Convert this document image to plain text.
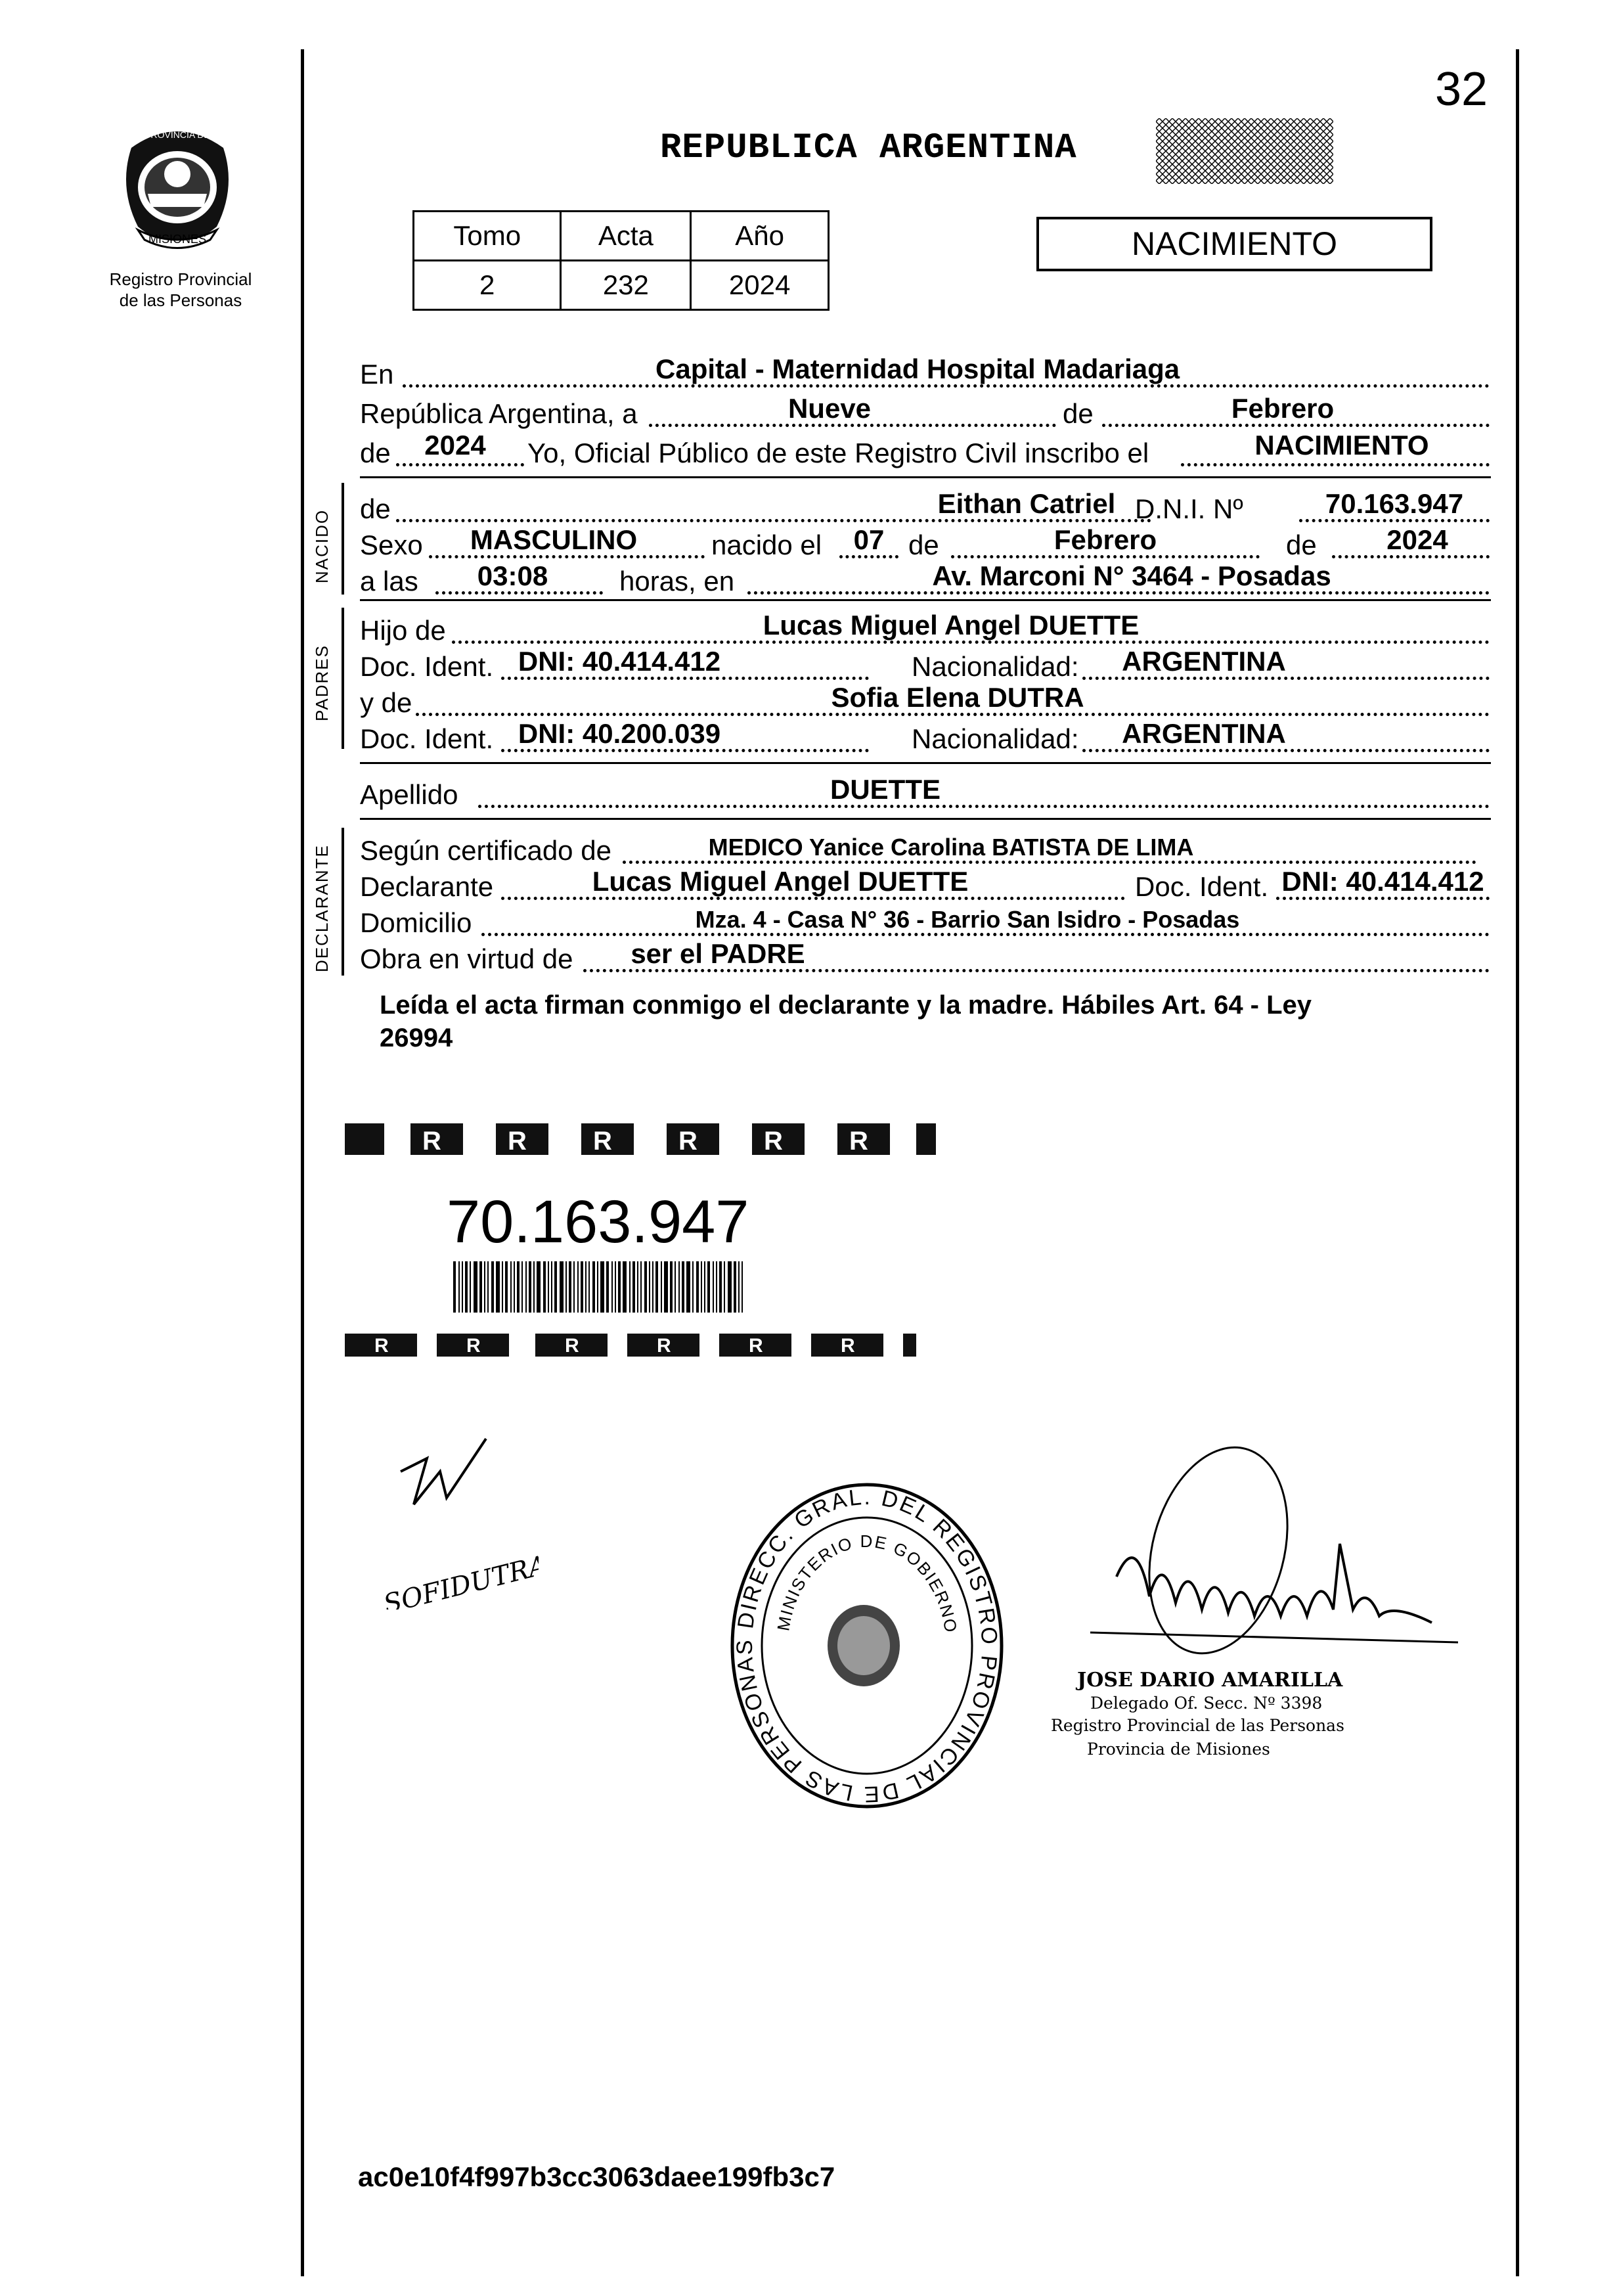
32
MISIONES
PROVINCIA DE
Registro Provincial
de las Personas
REPUBLICA ARGENTINA
Tomo	Acta	Año
2	232	2024
NACIMIENTO
En	Capital - Maternidad Hospital Madariaga
República Argentina, a	Nueve	de	Febrero
de	2024	Yo, Oficial Público de este Registro Civil inscribo el	NACIMIENTO
NACIDO
de	Eithan Catriel D.N.I. Nº	70.163.947
Sexo	MASCULINO	nacido el	07 de	Febrero	de	2024
a las	03:08	horas, en	Av. Marconi N° 3464 - Posadas
PADRES
Hijo de	Lucas Miguel Angel DUETTE
Doc. Ident. DNI: 40.414.412	Nacionalidad:	ARGENTINA
y de	Sofia Elena DUTRA
Doc. Ident. DNI: 40.200.039	Nacionalidad:	ARGENTINA
Apellido	DUETTE
DECLARANTE Según certificado de	MEDICO Yanice Carolina BATISTA DE LIMA
Declarante	Lucas Miguel Angel DUETTE	Doc. Ident. DNI: 40.414.412
Domicilio	Mza. 4 - Casa N° 36 - Barrio San Isidro - Posadas
Obra en virtud de	ser el PADRE
Leída el acta firman conmigo el declarante y la madre. Hábiles Art. 64 - Ley
26994
R	R	R	R	R	R
70.163.947
R	R	R	R	R	R
SOFIDUTRA	DIRECC. GRAL. DEL REGISTRO PROVINCIAL DE LAS PERSONAS
MINISTERIO DE GOBIERNO
JOSE DARIO AMARILLA
Delegado Of. Secc. Nº 3398
Registro Provincial de las Personas
Provincia de Misiones
ac0e10f4f997b3cc3063daee199fb3c7
